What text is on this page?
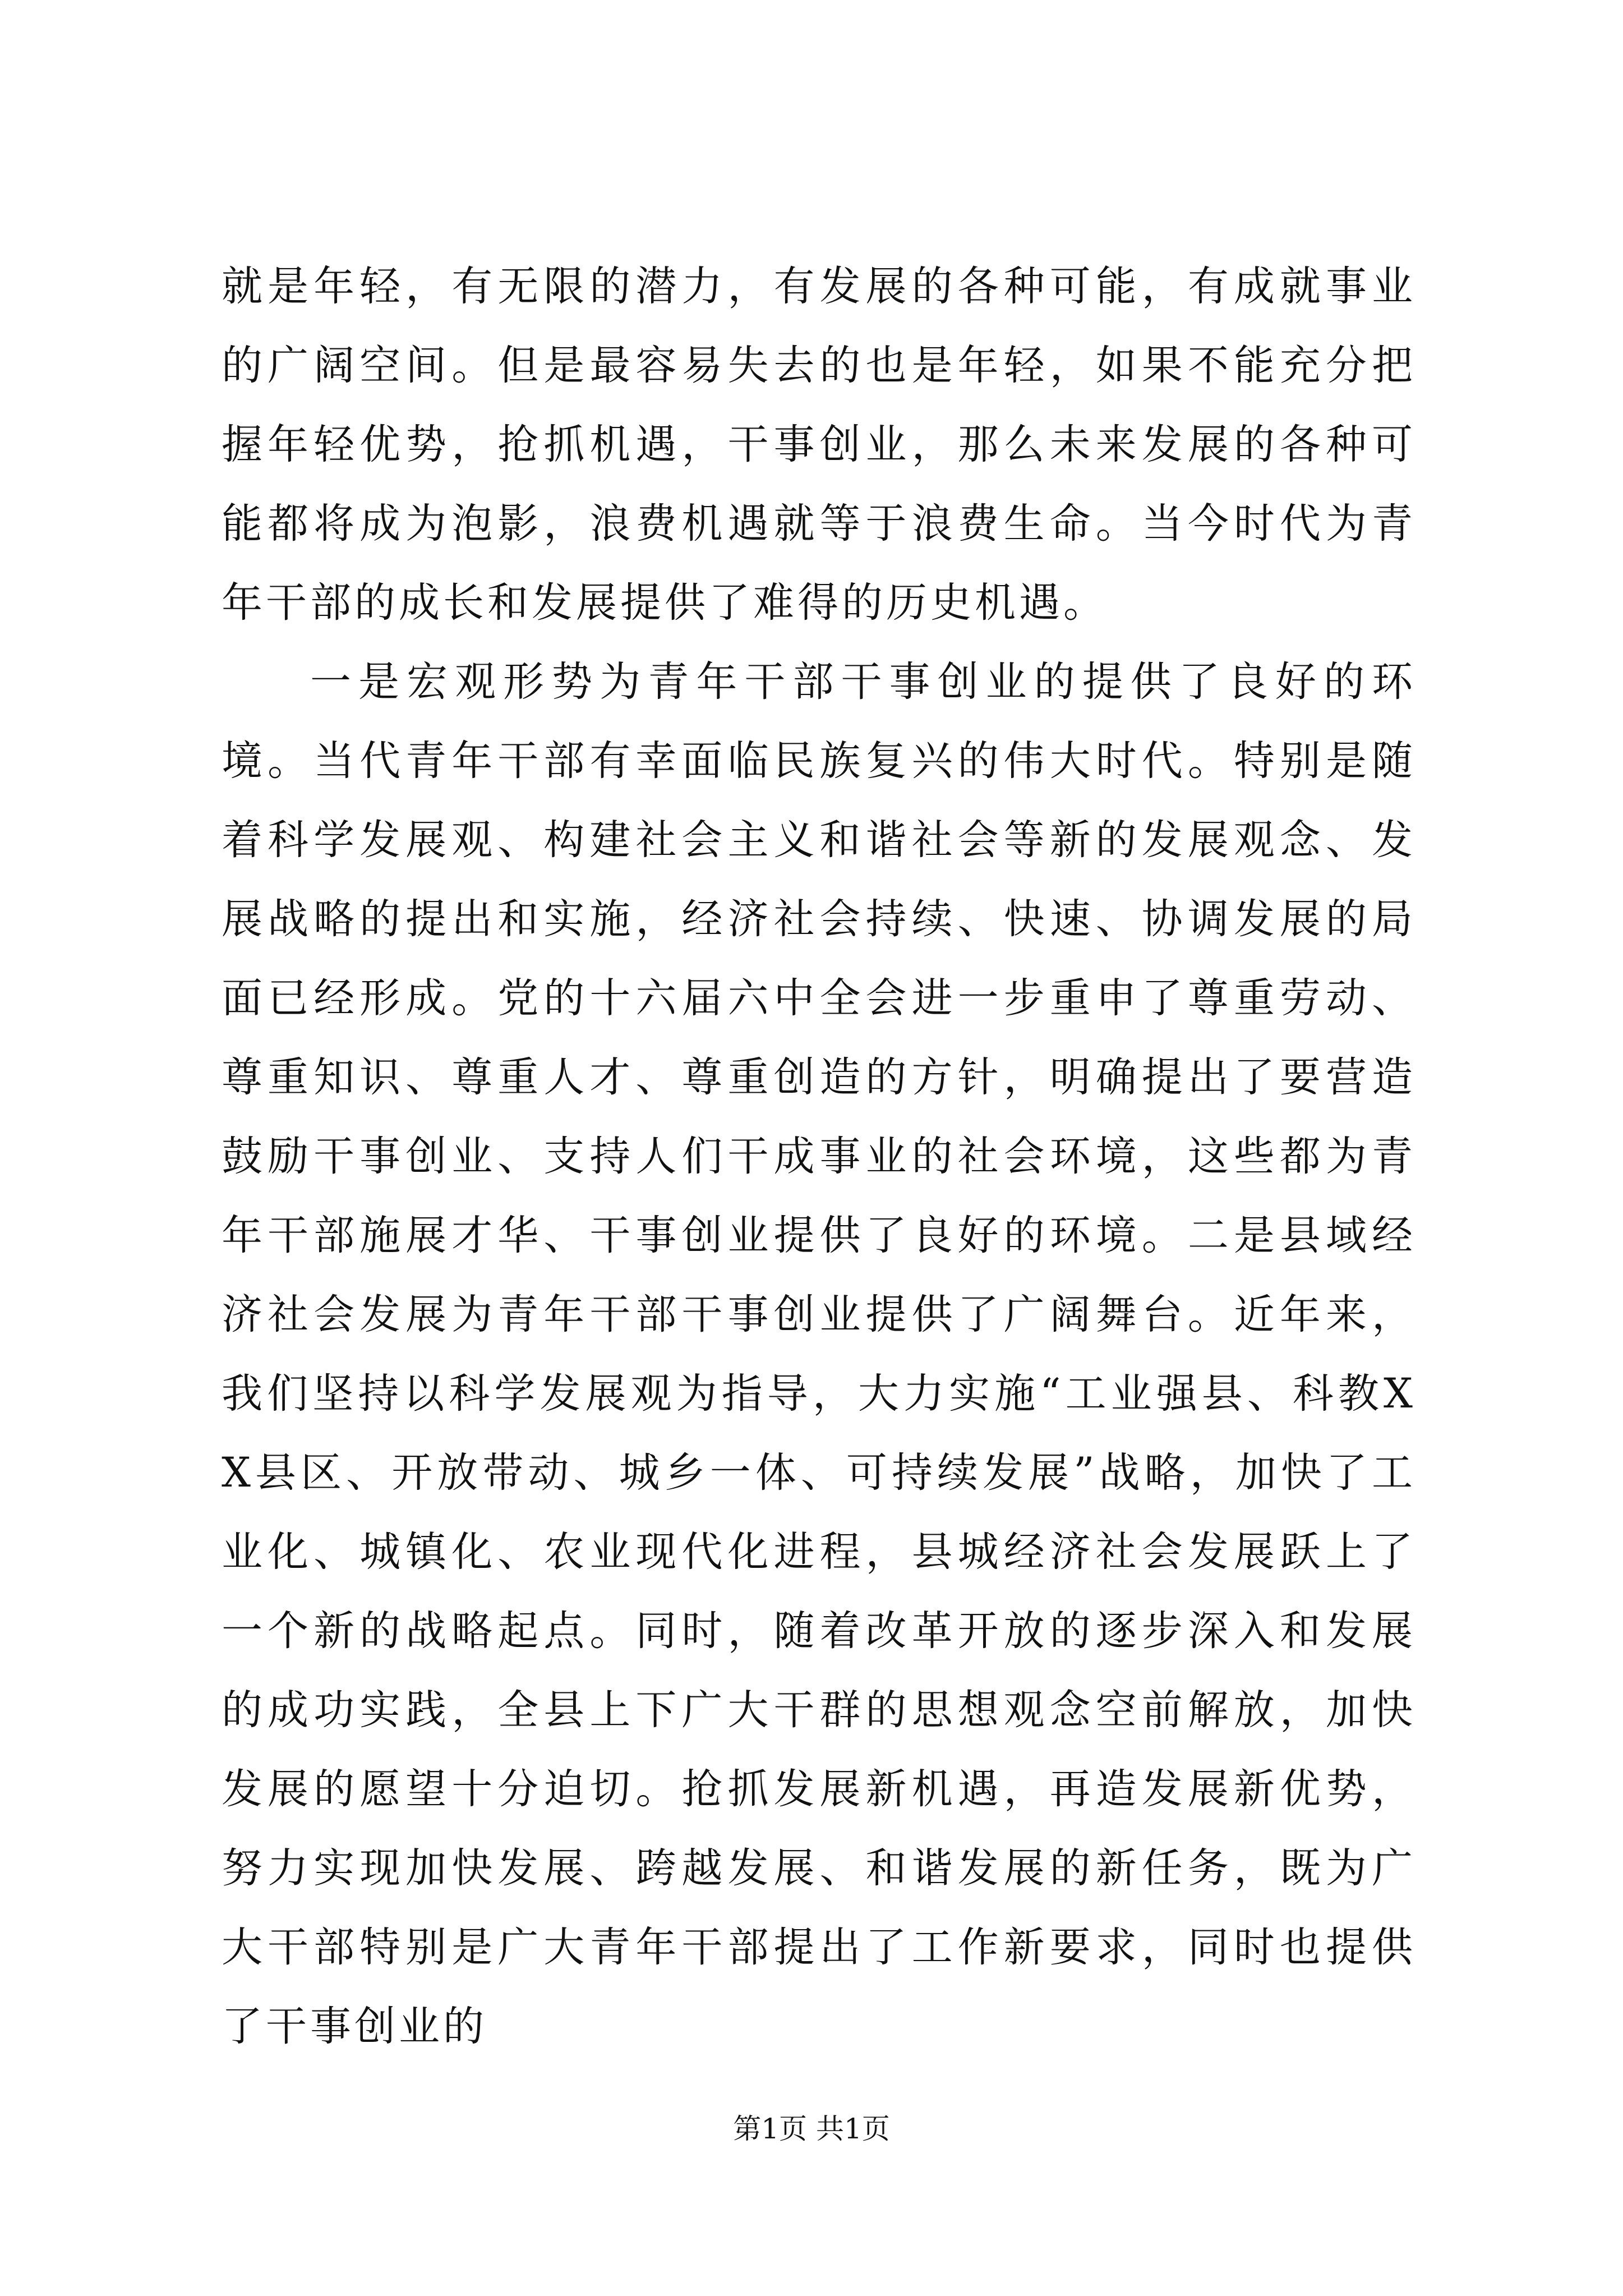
就是年轻，有无限的潜力，有发展的各种可能，有成就事业的广阔空间。但是最容易失去的也是年轻，如果不能充分把握年轻优势，抢抓机遇，干事创业，那么未来发展的各种可能都将成为泡影，浪费机遇就等于浪费生命。当今时代为青年干部的成长和发展提供了难得的历史机遇。

一是宏观形势为青年干部干事创业的提供了良好的环境。当代青年干部有幸面临民族复兴的伟大时代。特别是随着科学发展观、构建社会主义和谐社会等新的发展观念、发展战略的提出和实施，经济社会持续、快速、协调发展的局面已经形成。党的十六届六中全会进一步重申了尊重劳动、尊重知识、尊重人才、尊重创造的方针，明确提出了要营造鼓励干事创业、支持人们干成事业的社会环境，这些都为青年干部施展才华、干事创业提供了良好的环境。二是县域经济社会发展为青年干部干事创业提供了广阔舞台。近年来，我们坚持以科学发展观为指导，大力实施“工业强县、科教XX县区、开放带动、城乡一体、可持续发展”战略，加快了工业化、城镇化、农业现代化进程，县城经济社会发展跃上了一个新的战略起点。同时，随着改革开放的逐步深入和发展的成功实践，全县上下广大干群的思想观念空前解放，加快发展的愿望十分迫切。抢抓发展新机遇，再造发展新优势，努力实现加快发展、跨越发展、和谐发展的新任务，既为广大干部特别是广大青年干部提出了工作新要求，同时也提供了干事创业的

第1页 共1页
